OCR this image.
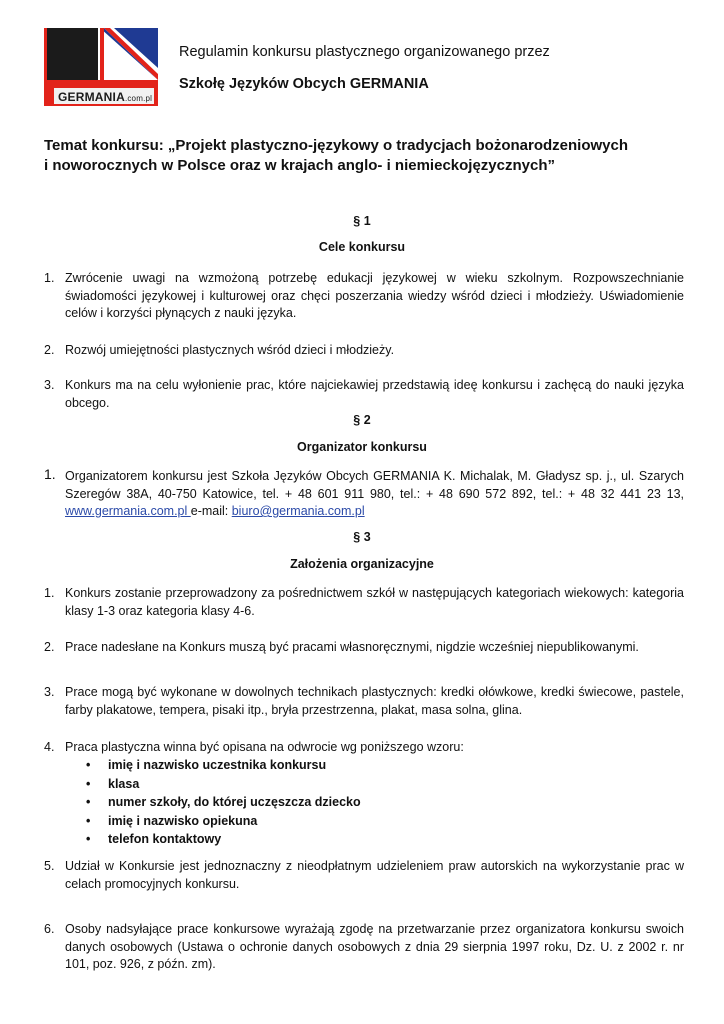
GERMANIA.com.pl
Regulamin konkursu plastycznego organizowanego przez
Szkołę Języków Obcych GERMANIA
Temat konkursu: „Projekt plastyczno-językowy o tradycjach bożonarodzeniowych
i noworocznych w Polsce oraz w krajach anglo- i niemieckojęzycznych”
§ 1
Cele konkursu
1. Zwrócenie uwagi na wzmożoną potrzebę edukacji językowej w wieku szkolnym. Rozpowszechnianie świadomości językowej i kulturowej oraz chęci poszerzania wiedzy wśród dzieci i młodzieży. Uświadomienie celów i korzyści płynących z nauki języka.
2. Rozwój umiejętności plastycznych wśród dzieci i młodzieży.
3. Konkurs ma na celu wyłonienie prac, które najciekawiej przedstawią ideę konkursu i zachęcą do nauki języka obcego.
§ 2
Organizator konkursu
1. Organizatorem konkursu jest Szkoła Języków Obcych GERMANIA K. Michalak, M. Gładysz sp. j., ul. Szarych Szeregów 38A, 40-750 Katowice, tel. + 48 601 911 980, tel.: + 48 690 572 892, tel.: + 48 32 441 23 13, www.germania.com.pl e-mail: biuro@germania.com.pl
§ 3
Założenia organizacyjne
1. Konkurs zostanie przeprowadzony za pośrednictwem szkół w następujących kategoriach wiekowych: kategoria klasy 1-3 oraz kategoria klasy 4-6.
2. Prace nadesłane na Konkurs muszą być pracami własnoręcznymi, nigdzie wcześniej niepublikowanymi.
3. Prace mogą być wykonane w dowolnych technikach plastycznych: kredki ołówkowe, kredki świecowe, pastele, farby plakatowe, tempera, pisaki itp., bryła przestrzenna, plakat, masa solna, glina.
4. Praca plastyczna winna być opisana na odwrocie wg poniższego wzoru:
• imię i nazwisko uczestnika konkursu
• klasa
• numer szkoły, do której uczęszcza dziecko
• imię i nazwisko opiekuna
• telefon kontaktowy
5. Udział w Konkursie jest jednoznaczny z nieodpłatnym udzieleniem praw autorskich na wykorzystanie prac w celach promocyjnych konkursu.
6. Osoby nadsyłające prace konkursowe wyrażają zgodę na przetwarzanie przez organizatora konkursu swoich danych osobowych (Ustawa o ochronie danych osobowych z dnia 29 sierpnia 1997 roku, Dz. U. z 2002 r. nr 101, poz. 926, z późn. zm).
